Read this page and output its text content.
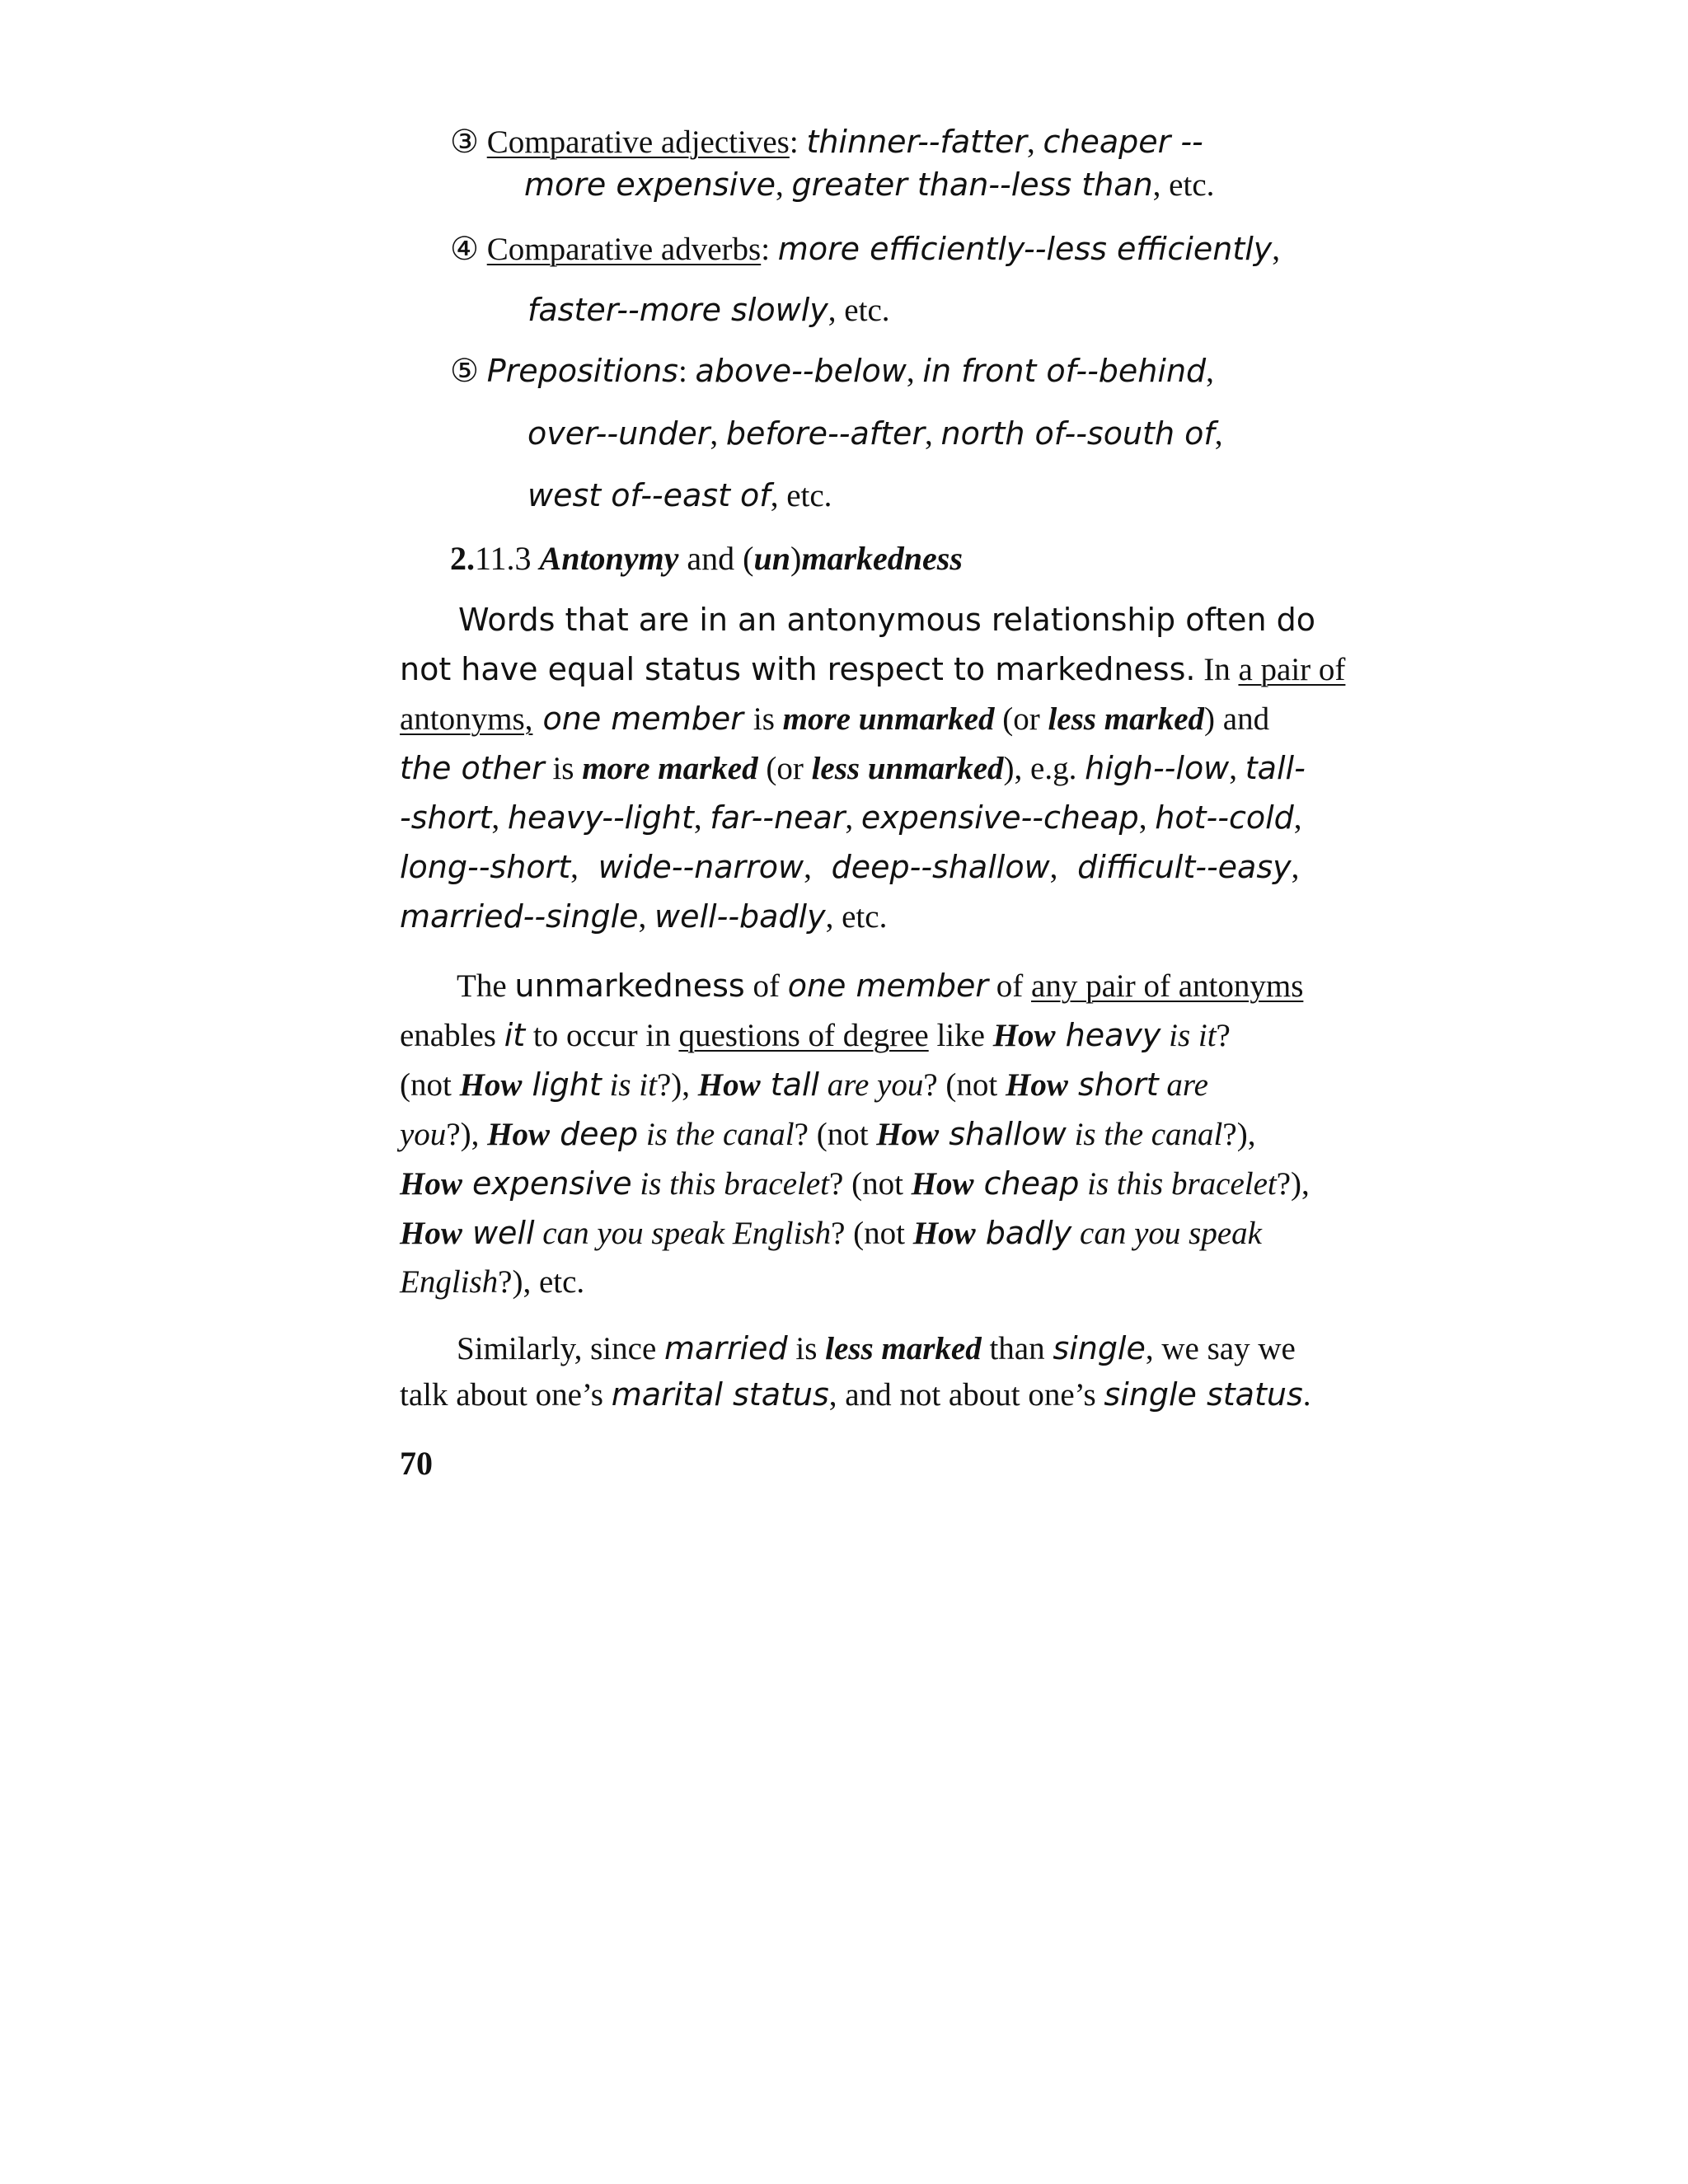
③ Comparative adjectives: thinner--fatter, cheaper --
more expensive, greater than--less than, etc.
④ Comparative adverbs: more efficiently--less efficiently,
faster--more slowly, etc.
⑤ Prepositions: above--below, in front of--behind,
over--under, before--after, north of--south of,
west of--east of, etc.
2.11.3 Antonymy and (un)markedness
Words that are in an antonymous relationship often do
not have equal status with respect to markedness. In a pair of
antonyms, one member is more unmarked (or less marked) and
the other is more marked (or less unmarked), e.g. high--low, tall-
-short, heavy--light, far--near, expensive--cheap, hot--cold,
long--short, wide--narrow, deep--shallow, difficult--easy,
married--single, well--badly, etc.
The unmarkedness of one member of any pair of antonyms
enables it to occur in questions of degree like How heavy is it?
(not How light is it?), How tall are you? (not How short are
you?), How deep is the canal? (not How shallow is the canal?),
How expensive is this bracelet? (not How cheap is this bracelet?),
How well can you speak English? (not How badly can you speak
English?), etc.
Similarly, since married is less marked than single, we say we
talk about one’s marital status, and not about one’s single status.
70
